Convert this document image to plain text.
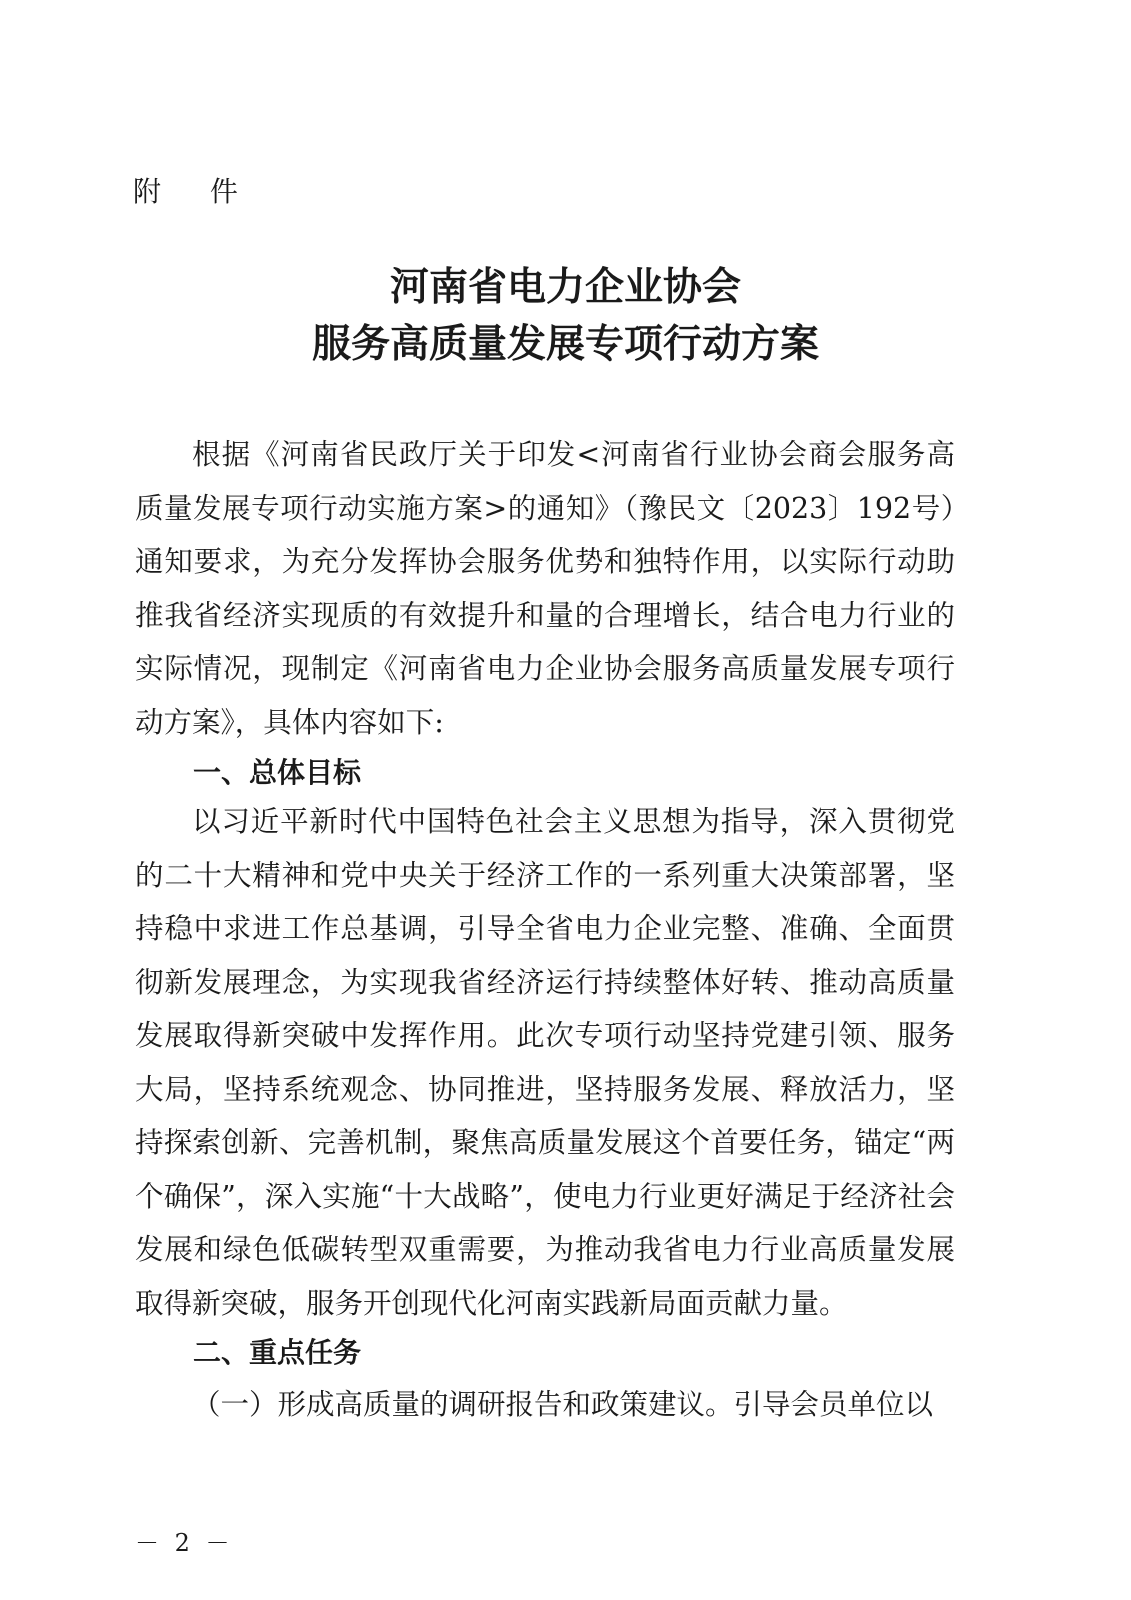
附 件

河南省电力企业协会
服务高质量发展专项行动方案

根据《河南省民政厅关于印发<河南省行业协会商会服务高质量发展专项行动实施方案>的通知》（豫民文〔2023〕192号）通知要求，为充分发挥协会服务优势和独特作用，以实际行动助推我省经济实现质的有效提升和量的合理增长，结合电力行业的实际情况，现制定《河南省电力企业协会服务高质量发展专项行动方案》，具体内容如下:

一、总体目标

以习近平新时代中国特色社会主义思想为指导，深入贯彻党的二十大精神和党中央关于经济工作的一系列重大决策部署，坚持稳中求进工作总基调，引导全省电力企业完整、准确、全面贯彻新发展理念，为实现我省经济运行持续整体好转、推动高质量发展取得新突破中发挥作用。此次专项行动坚持党建引领、服务大局，坚持系统观念、协同推进，坚持服务发展、释放活力，坚持探索创新、完善机制，聚焦高质量发展这个首要任务，锚定“两个确保”，深入实施“十大战略”，使电力行业更好满足于经济社会发展和绿色低碳转型双重需要，为推动我省电力行业高质量发展取得新突破，服务开创现代化河南实践新局面贡献力量。

二、重点任务

（一）形成高质量的调研报告和政策建议。引导会员单位以

－ 2 －
